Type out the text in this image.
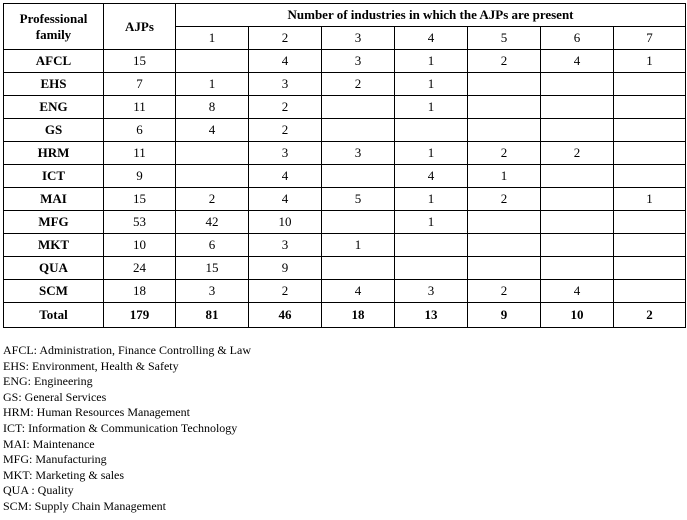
Professional family	AJPs	Number of industries in which the AJPs are present						
		1	2	3	4	5	6	7
AFCL	15		4	3	1	2	4	1
EHS	7	1	3	2	1			
ENG	11	8	2		1			
GS	6	4	2					
HRM	11		3	3	1	2	2	
ICT	9		4		4	1		
MAI	15	2	4	5	1	2		1
MFG	53	42	10		1			
MKT	10	6	3	1				
QUA	24	15	9					
SCM	18	3	2	4	3	2	4	
Total	179	81	46	18	13	9	10	2
AFCL: Administration, Finance Controlling & Law
EHS: Environment, Health & Safety
ENG: Engineering
GS: General Services
HRM: Human Resources Management
ICT: Information & Communication Technology
MAI: Maintenance
MFG: Manufacturing
MKT: Marketing & sales
QUA : Quality
SCM: Supply Chain Management
